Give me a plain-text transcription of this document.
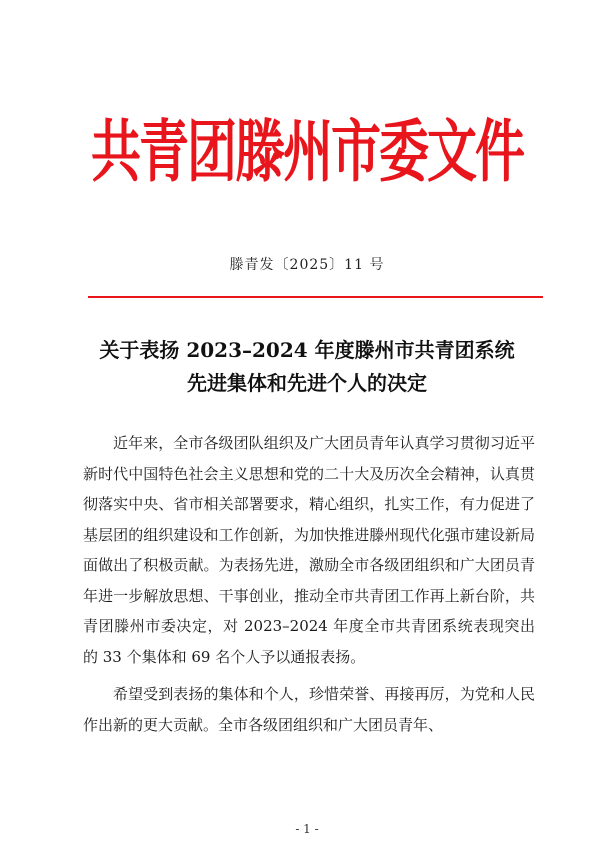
共青团滕州市委文件
滕青发〔2025〕11 号
关于表扬 2023–2024 年度滕州市共青团系统
先进集体和先进个人的决定

近年来，全市各级团队组织及广大团员青年认真学习贯彻习近平新时代中国特色社会主义思想和党的二十大及历次全会精神，认真贯彻落实中央、省市相关部署要求，精心组织，扎实工作，有力促进了基层团的组织建设和工作创新，为加快推进滕州现代化强市建设新局面做出了积极贡献。为表扬先进，激励全市各级团组织和广大团员青年进一步解放思想、干事创业，推动全市共青团工作再上新台阶，共青团滕州市委决定，对 2023–2024 年度全市共青团系统表现突出的 33 个集体和 69 名个人予以通报表扬。

希望受到表扬的集体和个人，珍惜荣誉、再接再厉，为党和人民作出新的更大贡献。全市各级团组织和广大团员青年、

- 1 -
